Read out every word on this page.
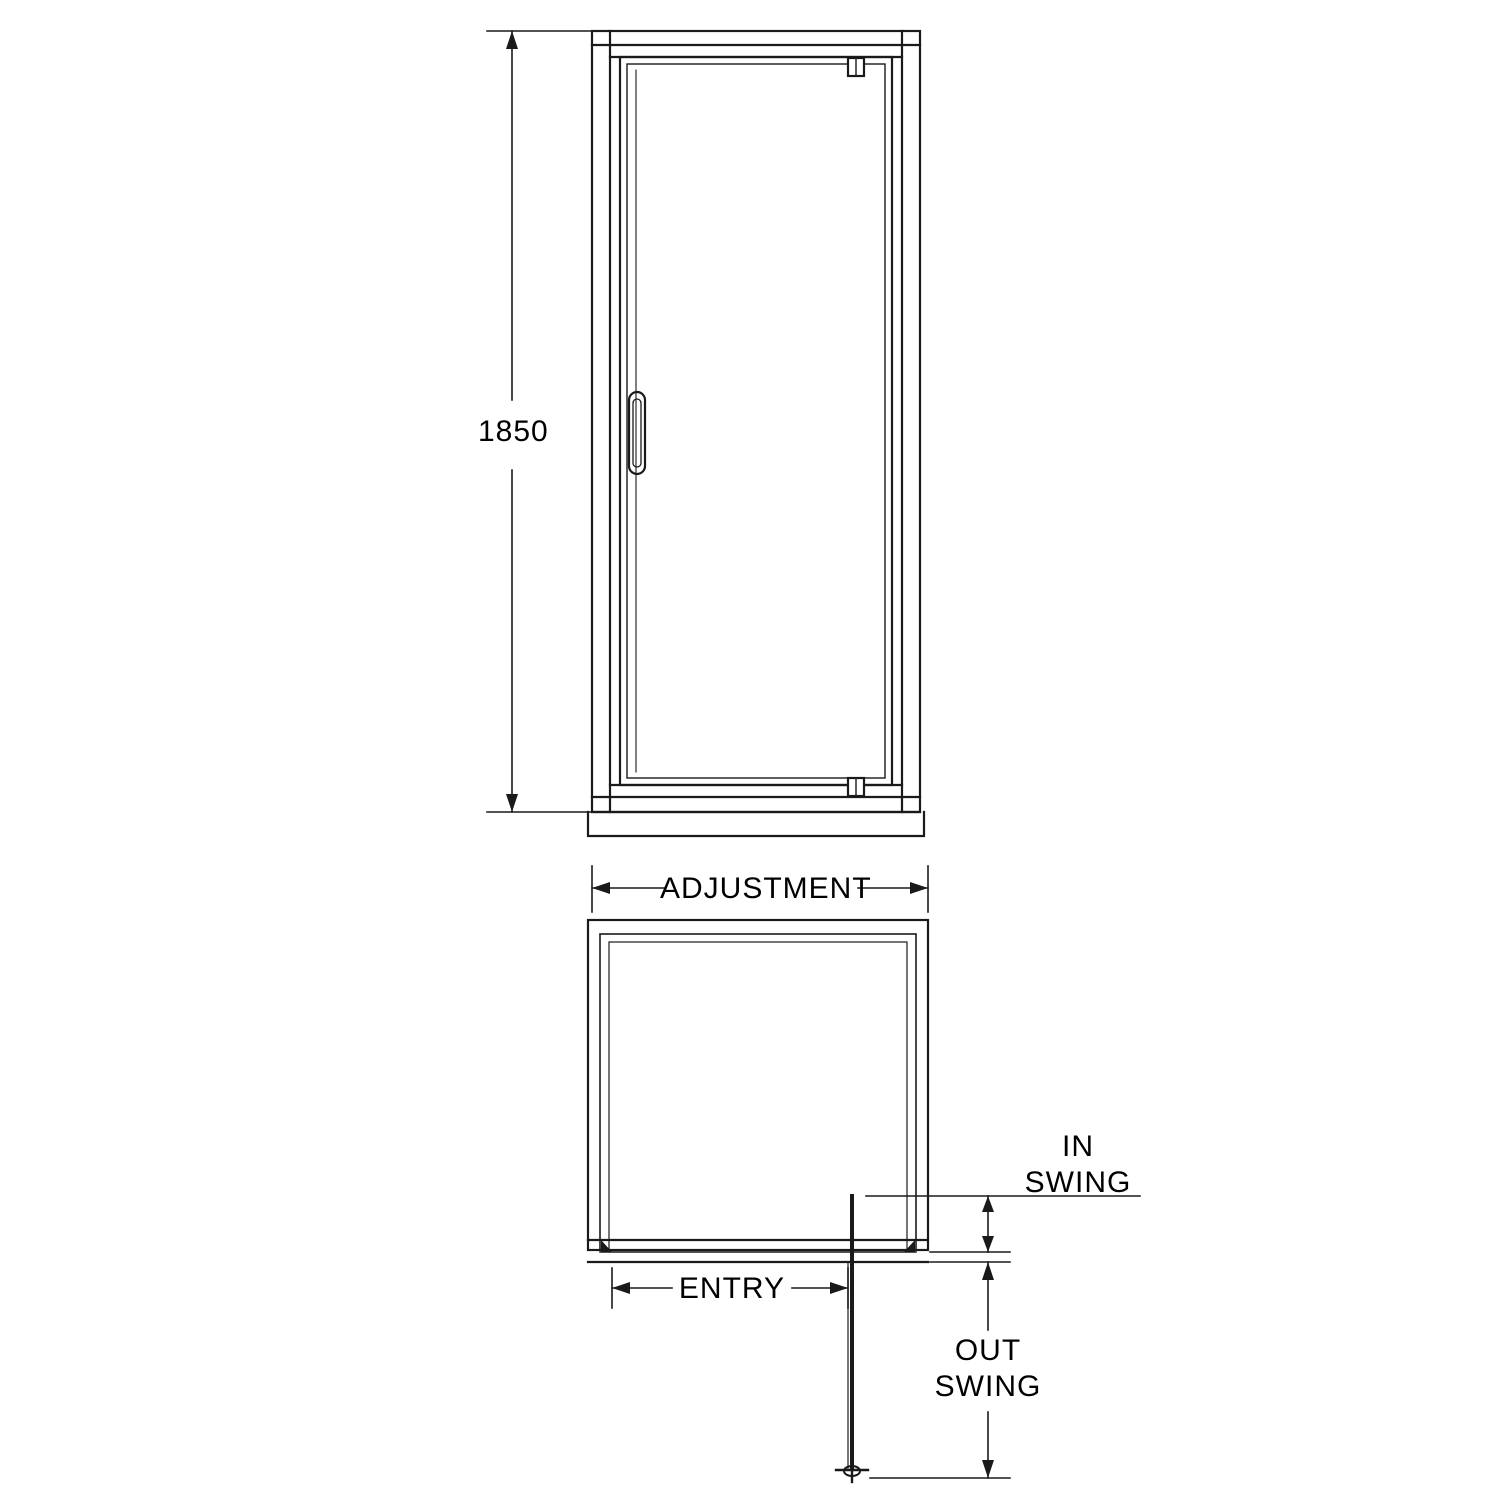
1850
ADJUSTMENT
ENTRY
IN
SWING
OUT
SWING
